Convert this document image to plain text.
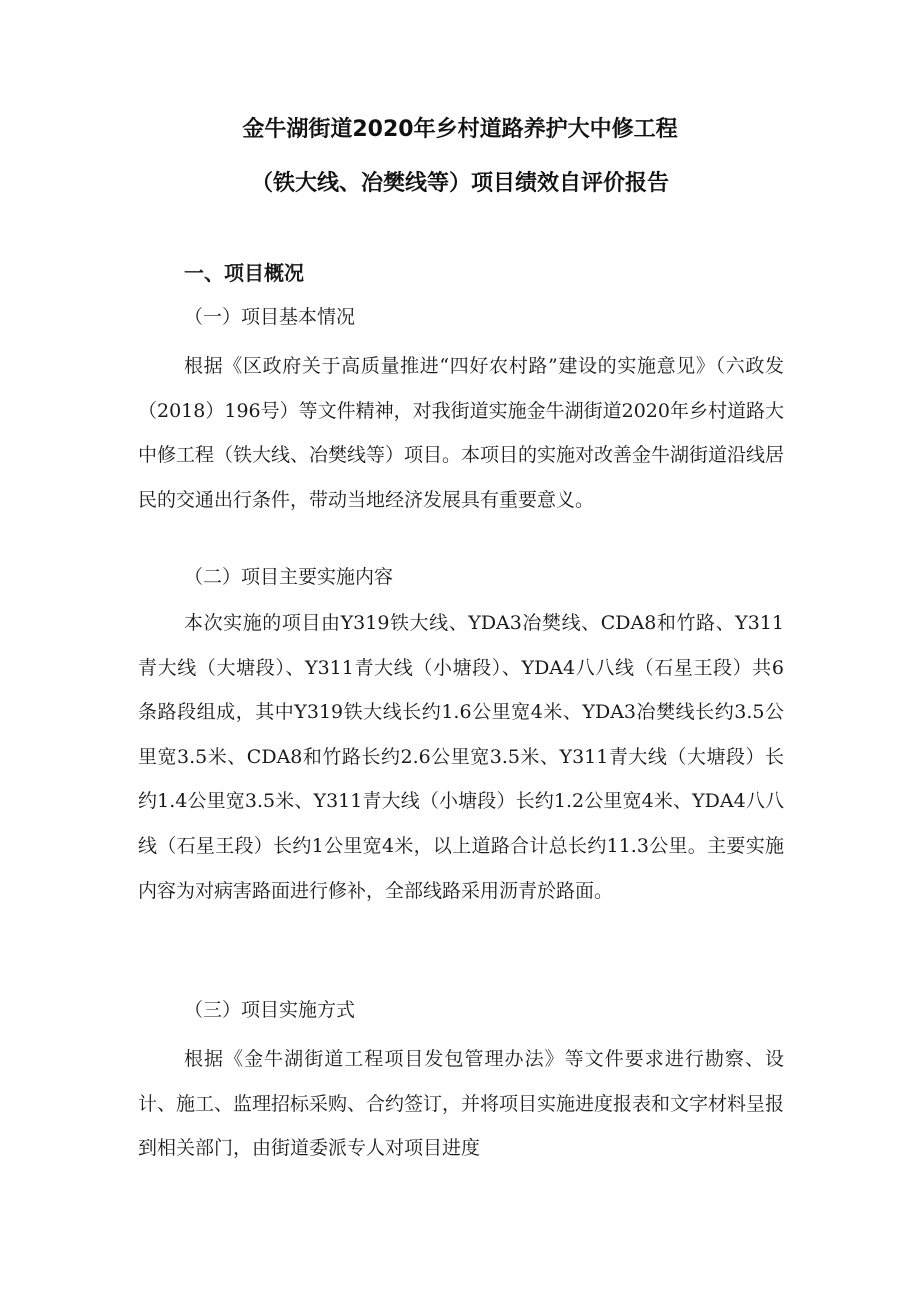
金牛湖街道2020年乡村道路养护大中修工程
（铁大线、冶樊线等）项目绩效自评价报告
一、项目概况
（一）项目基本情况

根据《区政府关于高质量推进“四好农村路”建设的实施意见》（六政发（2018）196号）等文件精神，对我街道实施金牛湖街道2020年乡村道路大中修工程（铁大线、冶樊线等）项目。本项目的实施对改善金牛湖街道沿线居民的交通出行条件，带动当地经济发展具有重要意义。

（二）项目主要实施内容

本次实施的项目由Y319铁大线、YDA3冶樊线、CDA8和竹路、Y311青大线（大塘段）、Y311青大线（小塘段）、YDA4八八线（石星王段）共6条路段组成，其中Y319铁大线长约1.6公里宽4米、YDA3冶樊线长约3.5公里宽3.5米、CDA8和竹路长约2.6公里宽3.5米、Y311青大线（大塘段）长约1.4公里宽3.5米、Y311青大线（小塘段）长约1.2公里宽4米、YDA4八八线（石星王段）长约1公里宽4米，以上道路合计总长约11.3公里。主要实施内容为对病害路面进行修补，全部线路采用沥青於路面。

（三）项目实施方式

根据《金牛湖街道工程项目发包管理办法》等文件要求进行勘察、设计、施工、监理招标采购、合约签订，并将项目实施进度报表和文字材料呈报到相关部门，由街道委派专人对项目进度
